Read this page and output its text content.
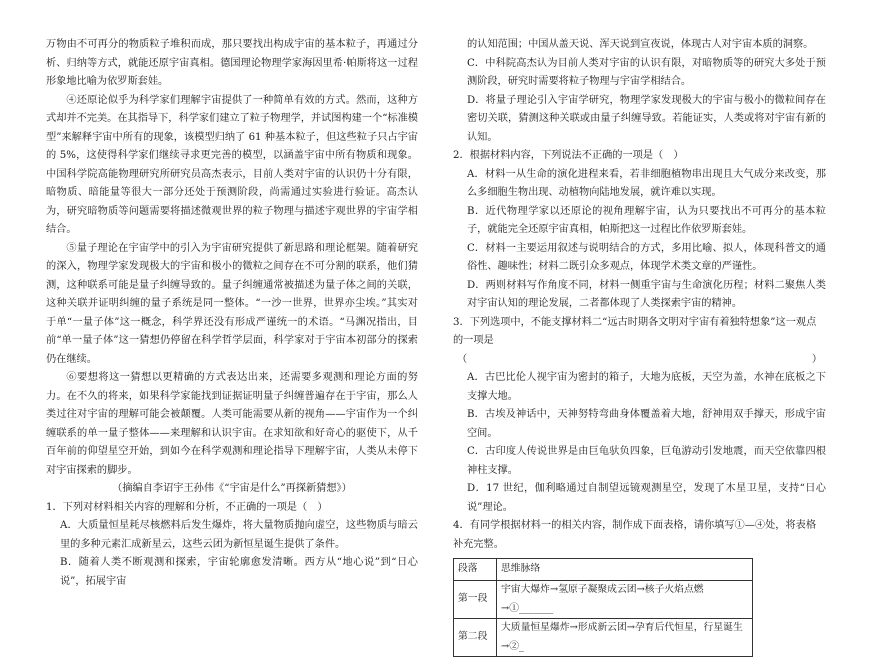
万物由不可再分的物质粒子堆积而成，那只要找出构成宇宙的基本粒子，再通过分析、归纳等方式，就能还原宇宙真相。德国理论物理学家海因里希·帕斯将这一过程形象地比喻为依罗斯套娃。

④还原论似乎为科学家们理解宇宙提供了一种简单有效的方式。然而，这种方式却并不完美。在其指导下，科学家们建立了粒子物理学，并试图构建一个“标准模型”来解释宇宙中所有的现象，该模型归纳了 61 种基本粒子，但这些粒子只占宇宙的 5%，这使得科学家们继续寻求更完善的模型，以涵盖宇宙中所有物质和现象。中国科学院高能物理研究所研究员高杰表示，目前人类对宇宙的认识仍十分有限，暗物质、暗能量等很大一部分还处于预测阶段，尚需通过实验进行验证。高杰认为，研究暗物质等问题需要将描述微观世界的粒子物理与描述宇观世界的宇宙学相结合。

⑤量子理论在宇宙学中的引入为宇宙研究提供了新思路和理论框架。随着研究的深入，物理学家发现极大的宇宙和极小的微粒之间存在不可分割的联系，他们猜测，这种联系可能是量子纠缠导致的。量子纠缠通常被描述为量子体之间的关联，这种关联并证明纠缠的量子系统是同一整体。“一沙一世界，世界亦尘埃。”其实对于单“一量子体”这一概念，科学界还没有形成严谨统一的术语。“马渊况指出，目前“单一量子体”这一猜想仍停留在科学哲学层面，科学家对于宇宙本初部分的探索仍在继续。

⑥要想将这一猜想以更精确的方式表达出来，还需要多观测和理论方面的努力。在不久的将来，如果科学家能找到证据证明量子纠缠普遍存在于宇宙，那么人类过往对宇宙的理解可能会被颠覆。人类可能需要从新的视角——宇宙作为一个纠缠联系的单一量子整体——来理解和认识宇宙。在求知欲和好奇心的驱使下，从千百年前的仰望星空开始，到如今在科学观测和理论指导下理解宇宙，人类从未停下对宇宙探索的脚步。

（摘编自李诏宇王孙伟《“宇宙是什么”再探新猜想》）

1．下列对材料相关内容的理解和分析，不正确的一项是（　）

A．大质量恒星耗尽核燃料后发生爆炸，将大量物质抛向虚空，这些物质与暗云里的多种元素汇成新星云，这些云团为新恒星诞生提供了条件。

B．随着人类不断观测和探索，宇宙轮廓愈发清晰。西方从“地心说”到“日心说”，拓展宇宙

的认知范围；中国从盖天说、浑天说到宣夜说，体现古人对宇宙本质的洞察。

C．中科院高杰认为目前人类对宇宙的认识有限，对暗物质等的研究大多处于预测阶段，研究时需要将粒子物理与宇宙学相结合。

D．将量子理论引入宇宙学研究，物理学家发现极大的宇宙与极小的微粒间存在密切关联，猜测这种关联或由量子纠缠导致。若能证实，人类或将对宇宙有新的认知。

2．根据材料内容，下列说法不正确的一项是（　）

A．材料一从生命的演化进程来看，若非细胞植物串出现且大气成分来改变，那么多细胞生物出现、动植物向陆地发展，就许难以实现。

B．近代物理学家以还原论的视角理解宇宙，认为只要找出不可再分的基本粒子，就能完全还原宇宙真相，帕斯把这一过程比作依罗斯套娃。

C．材料一主要运用叙述与说明结合的方式，多用比喻、拟人，体现科普文的通俗性、趣味性；材料二既引众多观点，体现学术类文章的严谨性。

D．两则材料写作角度不同，材料一侧重宇宙与生命演化历程；材料二聚焦人类对宇宙认知的理论发展，二者都体现了人类探索宇宙的精神。

3．下列选项中，不能支撑材料二“远古时期各文明对宇宙有着独特想象”这一观点的一项是

（	）

A．古巴比伦人视宇宙为密封的箱子，大地为底板，天空为盖，水神在底板之下支撑大地。

B．古埃及神话中，天神努特弯曲身体覆盖着大地，舒神用双手撑天，形成宇宙空间。

C．古印度人传说世界是由巨龟驮负四象，巨龟游动引发地震，而天空依靠四根神柱支撑。

D．17 世纪，伽利略通过自制望远镜观测星空，发现了木星卫星，支持“日心说”理论。

4．有同学根据材料一的相关内容，制作成下面表格，请你填写①—④处，将表格补充完整。

段落	思维脉络
第一段	宇宙大爆炸→氢原子凝聚成云团→核子火焰点燃→①_______
第二段	大质量恒星爆炸→形成新云团→孕育后代恒星，行星诞生→②_
